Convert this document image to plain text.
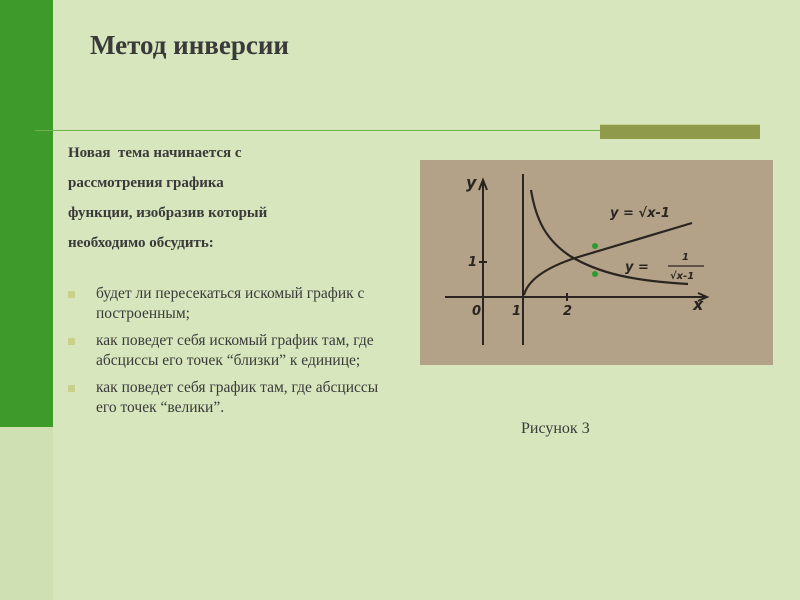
Метод инверсии
Новая  тема начинается с
рассмотрения графика
функции, изобразив который
необходимо обсудить:
будет ли пересекаться искомый график с построенным;
как поведет себя искомый график там, где абсциссы его точек “близки” к единице;
как поведет себя график там, где абсциссы его точек “велики”.
y
x
0 1	2
1
y = √x-1
y =
1
√x-1
Рисунок 3
